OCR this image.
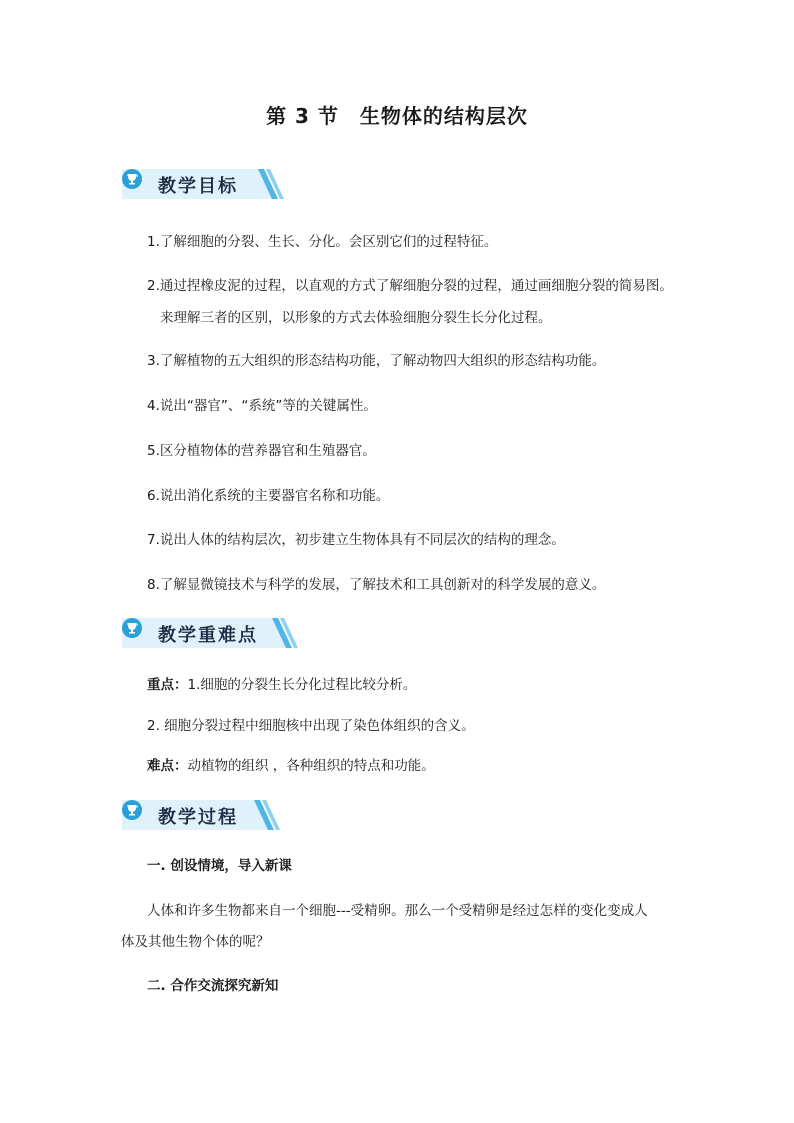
第 3 节　生物体的结构层次
教学目标
1.了解细胞的分裂、生长、分化。会区别它们的过程特征。
2.通过捏橡皮泥的过程，以直观的方式了解细胞分裂的过程，通过画细胞分裂的简易图。
来理解三者的区别，以形象的方式去体验细胞分裂生长分化过程。
3.了解植物的五大组织的形态结构功能，了解动物四大组织的形态结构功能。
4.说出“器官”、“系统”等的关键属性。
5.区分植物体的营养器官和生殖器官。
6.说出消化系统的主要器官名称和功能。
7.说出人体的结构层次，初步建立生物体具有不同层次的结构的理念。
8.了解显微镜技术与科学的发展，了解技术和工具创新对的科学发展的意义。
教学重难点
重点：1.细胞的分裂生长分化过程比较分析。
2. 细胞分裂过程中细胞核中出现了染色体组织的含义。
难点：动植物的组织 ，各种组织的特点和功能。
教学过程
一. 创设情境，导入新课
人体和许多生物都来自一个细胞---受精卵。那么一个受精卵是经过怎样的变化变成人
体及其他生物个体的呢？
二. 合作交流探究新知
